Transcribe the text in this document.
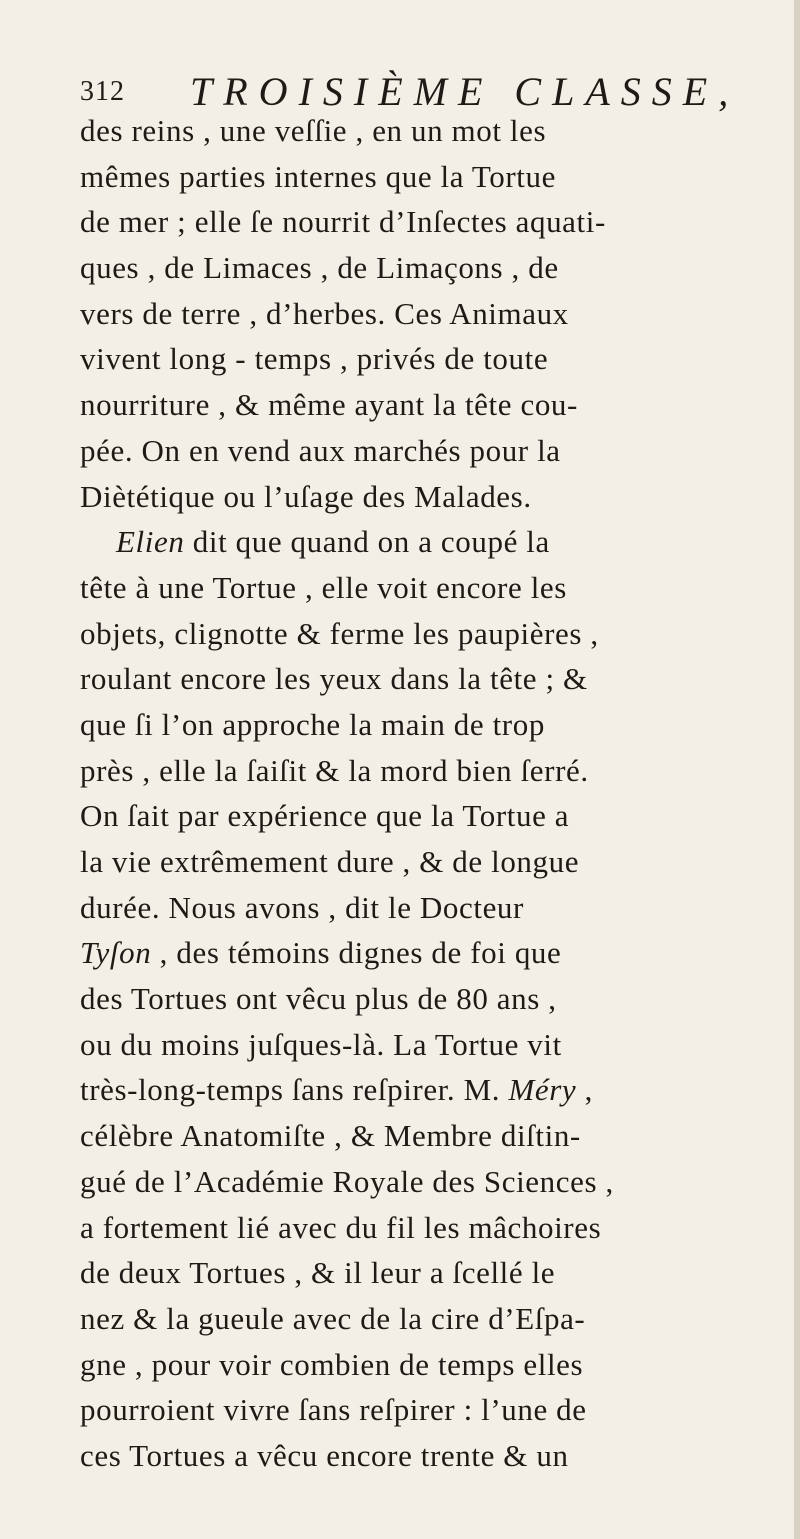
312 TROISIÈME CLASSE,
des reins , une veſſie , en un mot les
mêmes parties internes que la Tortue
de mer ; elle ſe nourrit d’Inſectes aquati-
ques , de Limaces , de Limaçons , de
vers de terre , d’herbes. Ces Animaux
vivent long - temps , privés de toute
nourriture , & même ayant la tête cou-
pée. On en vend aux marchés pour la
Diètétique ou l’uſage des Malades.
Elien dit que quand on a coupé la
tête à une Tortue , elle voit encore les
objets, clignotte & ferme les paupières ,
roulant encore les yeux dans la tête ; &
que ſi l’on approche la main de trop
près , elle la ſaiſit & la mord bien ſerré.
On ſait par expérience que la Tortue a
la vie extrêmement dure , & de longue
durée. Nous avons , dit le Docteur
Tyſon , des témoins dignes de foi que
des Tortues ont vêcu plus de 80 ans ,
ou du moins juſques-là. La Tortue vit
très-long-temps ſans reſpirer. M. Méry ,
célèbre Anatomiſte , & Membre diſtin-
gué de l’Académie Royale des Sciences ,
a fortement lié avec du fil les mâchoires
de deux Tortues , & il leur a ſcellé le
nez & la gueule avec de la cire d’Eſpa-
gne , pour voir combien de temps elles
pourroient vivre ſans reſpirer : l’une de
ces Tortues a vêcu encore trente & un
